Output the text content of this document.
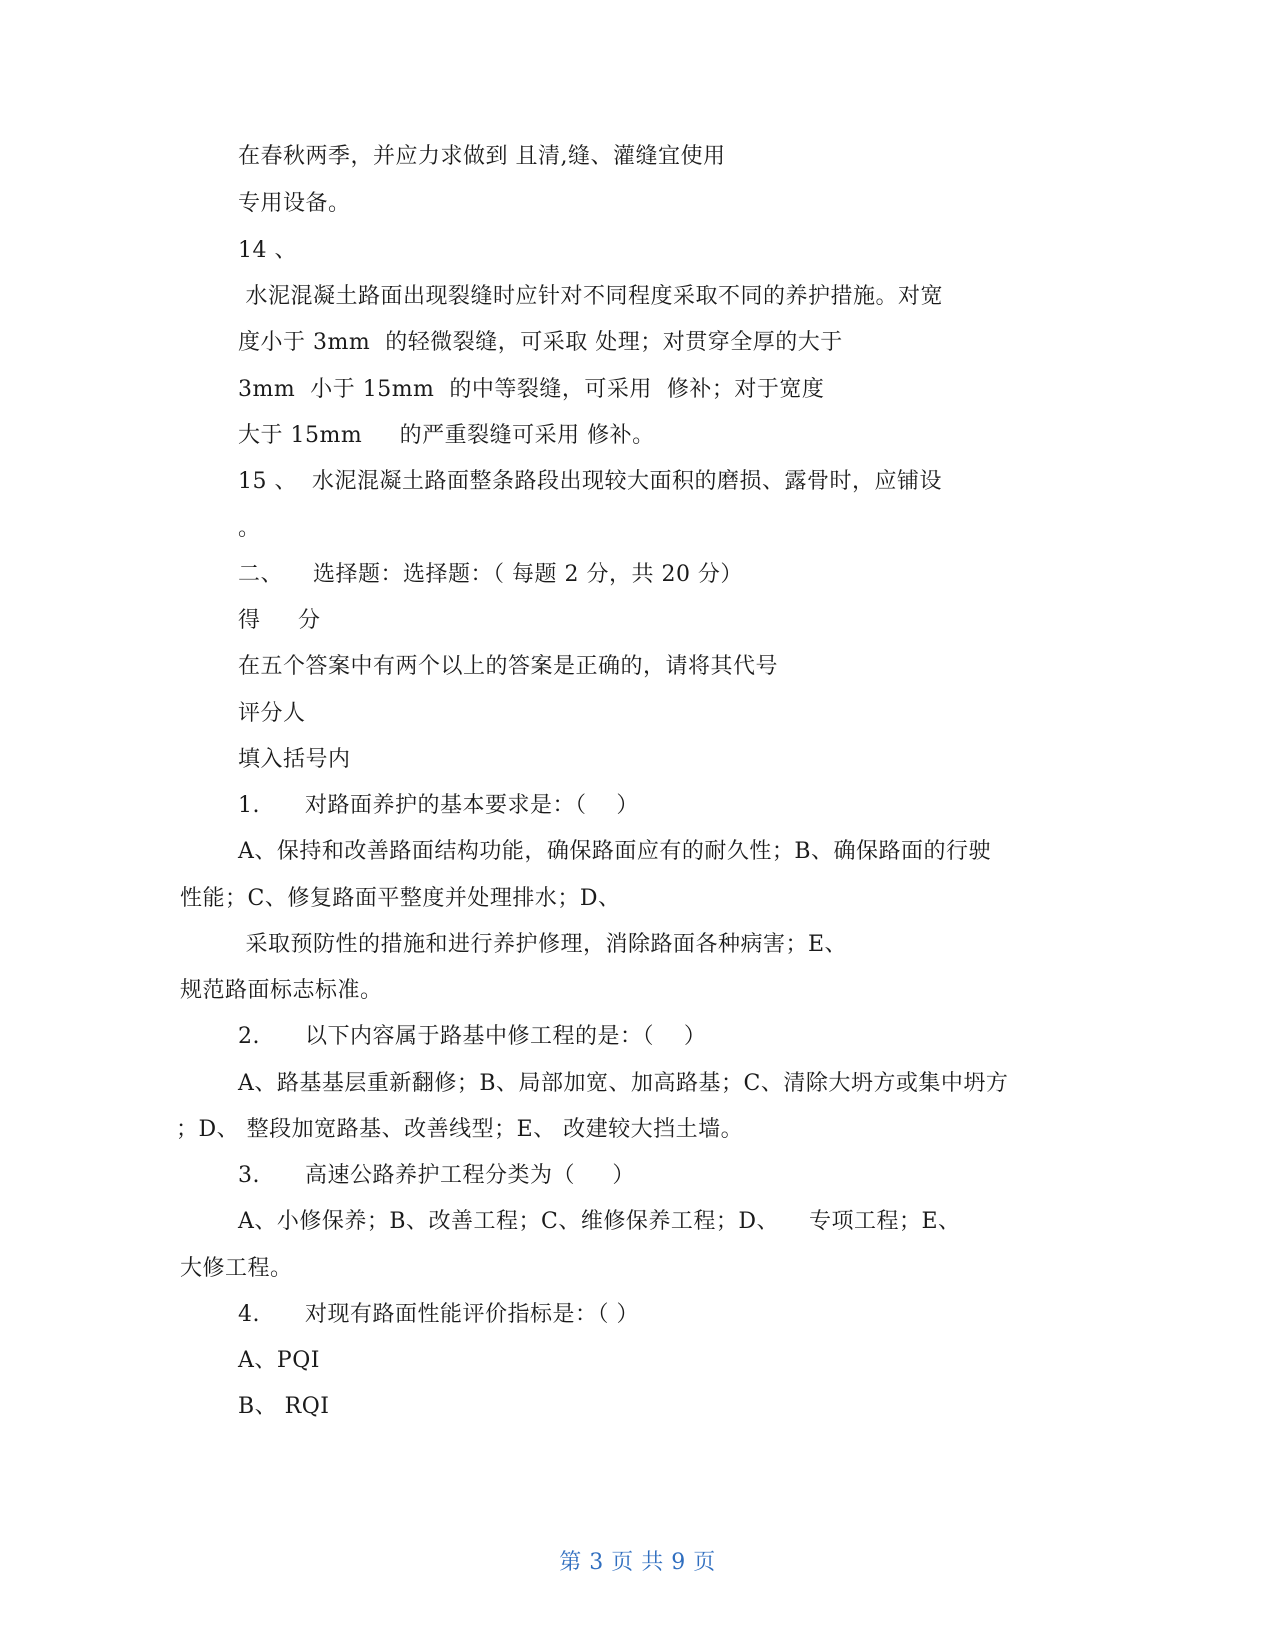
在春秋两季，并应力求做到 且清,缝、灌缝宜使用
专用设备。
14 、
水泥混凝土路面出现裂缝时应针对不同程度采取不同的养护措施。对宽
度小于 3mm  的轻微裂缝，可采取 处理；对贯穿全厚的大于
3mm  小于 15mm  的中等裂缝，可采用  修补；对于宽度
大于 15mm     的严重裂缝可采用 修补。
15 、  水泥混凝土路面整条路段出现较大面积的磨损、露骨时，应铺设
。
二、    选择题：选择题：（ 每题 2 分，共 20 分）
得     分
在五个答案中有两个以上的答案是正确的，请将其代号
评分人
填入括号内
1.      对路面养护的基本要求是：（    ）
A、保持和改善路面结构功能，确保路面应有的耐久性；B、确保路面的行驶
性能；C、修复路面平整度并处理排水；D、
采取预防性的措施和进行养护修理，消除路面各种病害；E、
规范路面标志标准。
2.      以下内容属于路基中修工程的是：（    ）
A、路基基层重新翻修；B、局部加宽、加高路基；C、清除大坍方或集中坍方
；D、 整段加宽路基、改善线型；E、 改建较大挡土墙。
3.      高速公路养护工程分类为（     ）
A、小修保养；B、改善工程；C、维修保养工程；D、    专项工程；E、
大修工程。
4.      对现有路面性能评价指标是：（ ）
A、PQI
B、 RQI
第 3 页 共 9 页
